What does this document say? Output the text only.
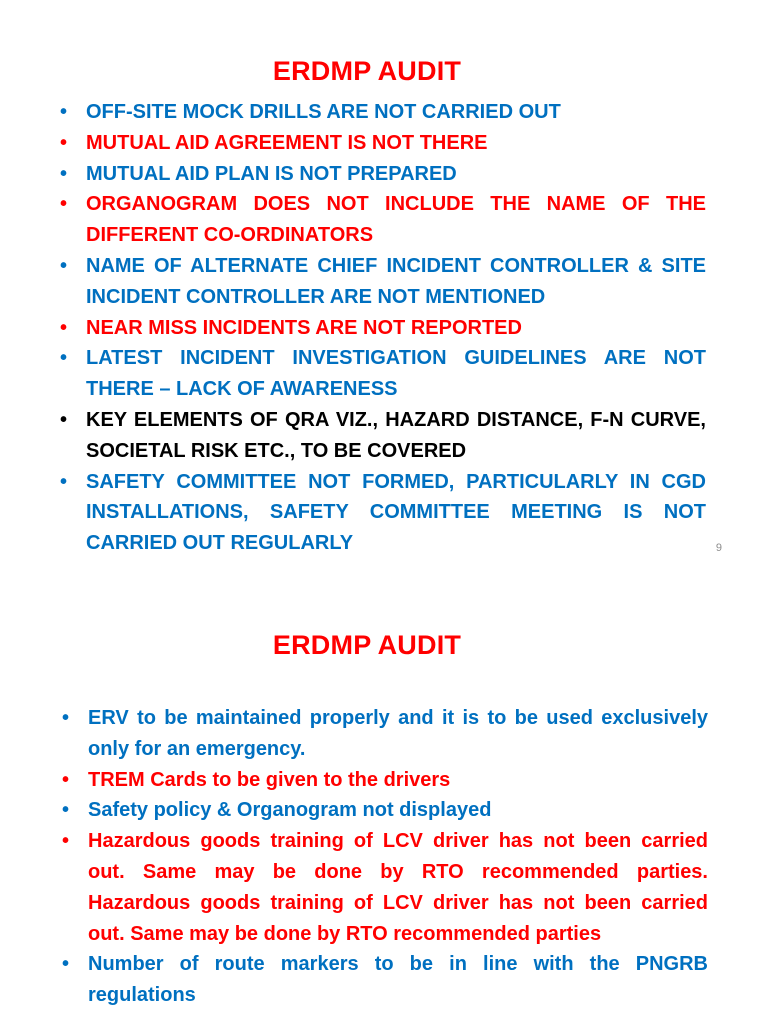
ERDMP AUDIT
• OFF-SITE MOCK DRILLS ARE NOT CARRIED OUT
• MUTUAL AID AGREEMENT IS NOT THERE
• MUTUAL AID PLAN IS NOT PREPARED
• ORGANOGRAM DOES NOT INCLUDE THE NAME OF THE DIFFERENT CO-ORDINATORS
• NAME OF ALTERNATE CHIEF INCIDENT CONTROLLER & SITE INCIDENT CONTROLLER ARE NOT MENTIONED
• NEAR MISS INCIDENTS ARE NOT REPORTED
• LATEST INCIDENT INVESTIGATION GUIDELINES ARE NOT THERE – LACK OF AWARENESS
• KEY ELEMENTS OF QRA VIZ., HAZARD DISTANCE, F-N CURVE, SOCIETAL RISK ETC., TO BE COVERED
• SAFETY COMMITTEE NOT FORMED, PARTICULARLY IN CGD INSTALLATIONS, SAFETY COMMITTEE MEETING IS NOT CARRIED OUT REGULARLY	9
ERDMP AUDIT
• ERV to be maintained properly and it is to be used exclusively only for an emergency.
• TREM Cards to be given to the drivers
• Safety policy & Organogram not displayed
• Hazardous goods training of LCV driver has not been carried out. Same may be done by RTO recommended parties. Hazardous goods training of LCV driver has not been carried out. Same may be done by RTO recommended parties
• Number of route markers to be in line with the PNGRB regulations
